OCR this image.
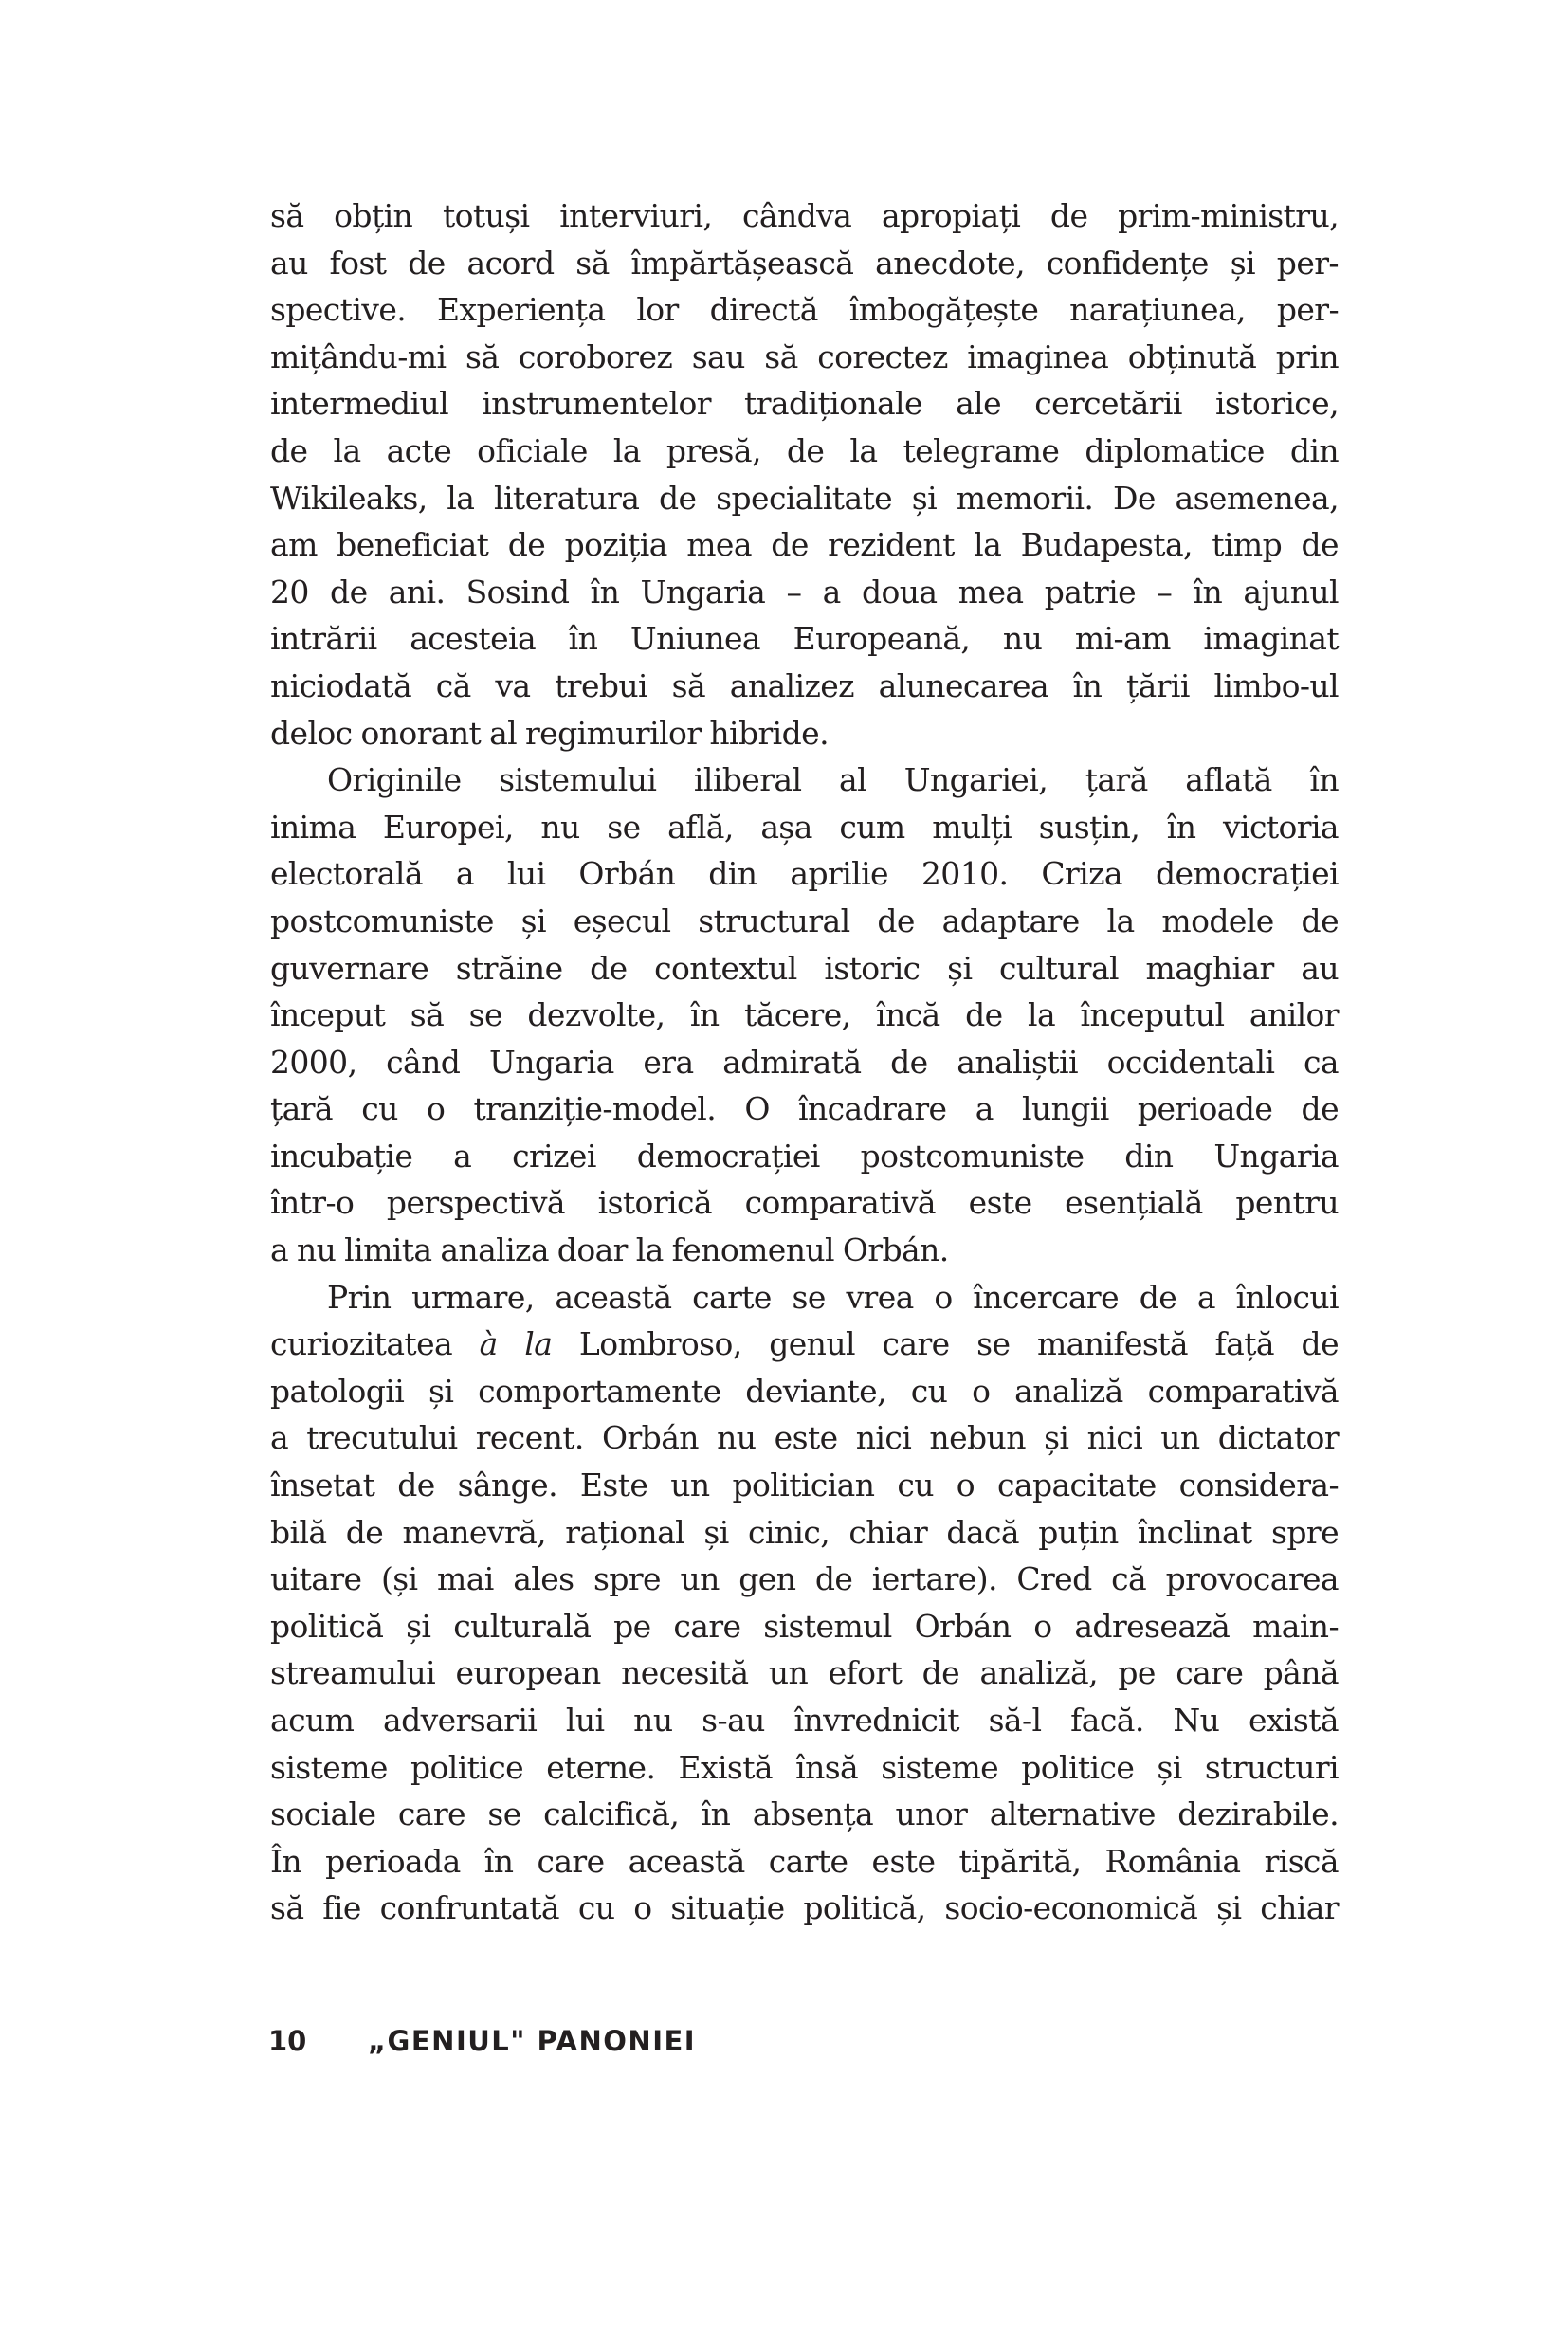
să obțin totuși interviuri, cândva apropiați de prim-ministru,
au fost de acord să împărtășească anecdote, confidențe și per-
spective. Experiența lor directă îmbogățește narațiunea, per-
mițându-mi să coroborez sau să corectez imaginea obținută prin
intermediul instrumentelor tradiționale ale cercetării istorice,
de la acte oficiale la presă, de la telegrame diplomatice din
Wikileaks, la literatura de specialitate și memorii. De asemenea,
am beneficiat de poziția mea de rezident la Budapesta, timp de
20 de ani. Sosind în Ungaria – a doua mea patrie – în ajunul
intrării acesteia în Uniunea Europeană, nu mi-am imaginat
niciodată că va trebui să analizez alunecarea în țării limbo-ul
deloc onorant al regimurilor hibride.
Originile sistemului iliberal al Ungariei, țară aflată în
inima Europei, nu se află, așa cum mulți susțin, în victoria
electorală a lui Orbán din aprilie 2010. Criza democrației
postcomuniste și eșecul structural de adaptare la modele de
guvernare străine de contextul istoric și cultural maghiar au
început să se dezvolte, în tăcere, încă de la începutul anilor
2000, când Ungaria era admirată de analiștii occidentali ca
țară cu o tranziție-model. O încadrare a lungii perioade de
incubație a crizei democrației postcomuniste din Ungaria
într-o perspectivă istorică comparativă este esențială pentru
a nu limita analiza doar la fenomenul Orbán.
Prin urmare, această carte se vrea o încercare de a înlocui
curiozitatea à la Lombroso, genul care se manifestă față de
patologii și comportamente deviante, cu o analiză comparativă
a trecutului recent. Orbán nu este nici nebun și nici un dictator
însetat de sânge. Este un politician cu o capacitate considera-
bilă de manevră, rațional și cinic, chiar dacă puțin înclinat spre
uitare (și mai ales spre un gen de iertare). Cred că provocarea
politică și culturală pe care sistemul Orbán o adresează main-
streamului european necesită un efort de analiză, pe care până
acum adversarii lui nu s-au învrednicit să-l facă. Nu există
sisteme politice eterne. Există însă sisteme politice și structuri
sociale care se calcifică, în absența unor alternative dezirabile.
În perioada în care această carte este tipărită, România riscă
să fie confruntată cu o situație politică, socio-economică și chiar
10	„GENIUL" PANONIEI
